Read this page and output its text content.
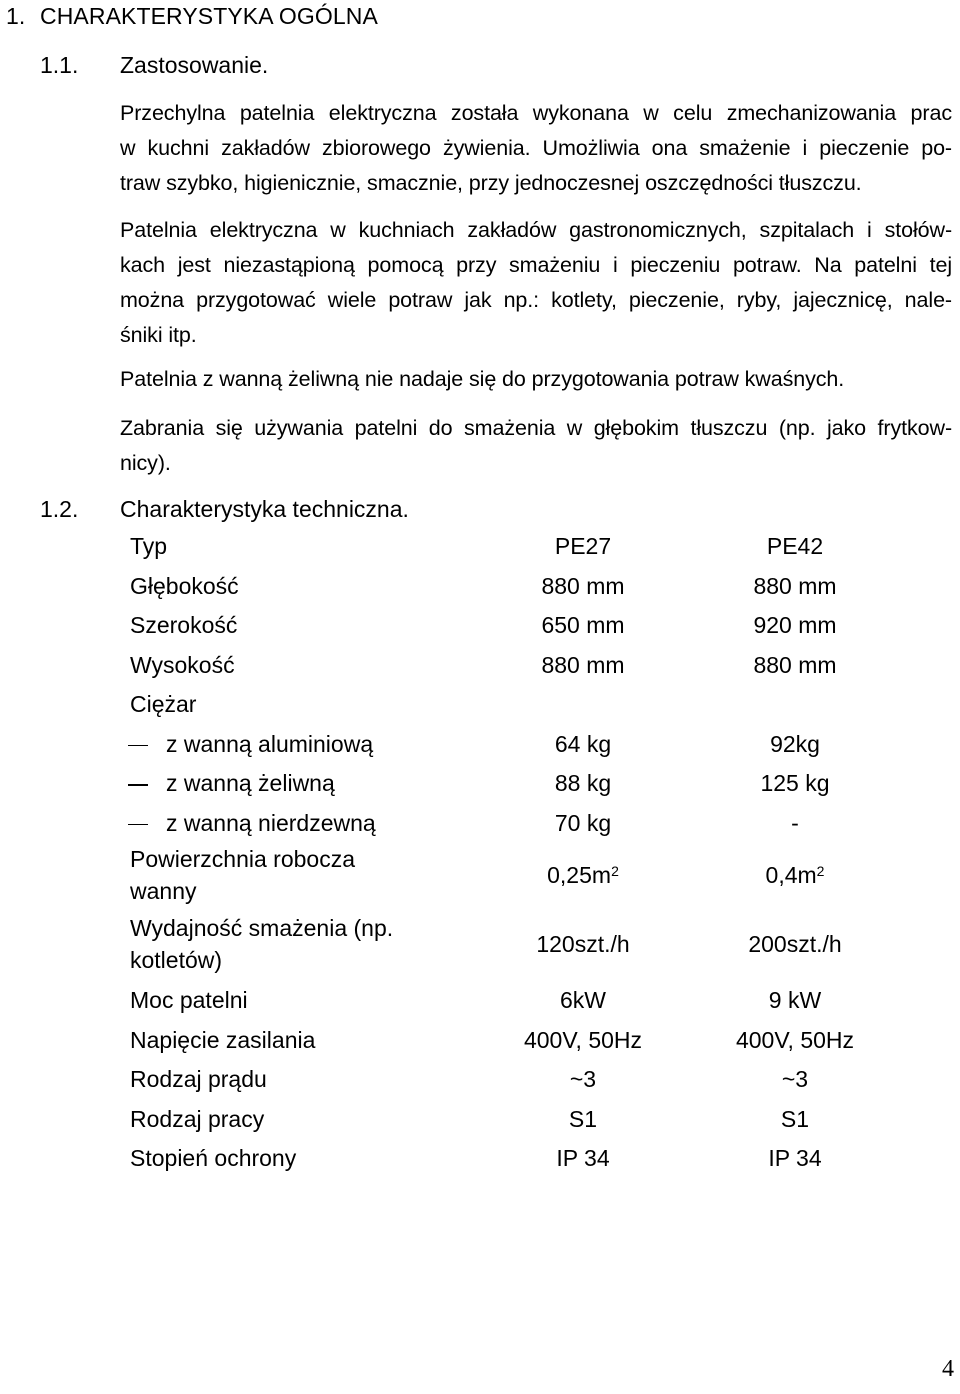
1. CHARAKTERYSTYKA OGÓLNA
1.1. Zastosowanie.
Przechylna patelnia elektryczna została wykonana w celu zmechanizowania prac
w kuchni zakładów zbiorowego żywienia. Umożliwia ona smażenie i pieczenie po-
traw szybko, higienicznie, smacznie, przy jednoczesnej oszczędności tłuszczu.
Patelnia elektryczna w kuchniach zakładów gastronomicznych, szpitalach i stołów-
kach jest niezastąpioną pomocą przy smażeniu i pieczeniu potraw. Na patelni tej
można przygotować wiele potraw jak np.: kotlety, pieczenie, ryby, jajecznicę, nale-
śniki itp.
Patelnia z wanną żeliwną nie nadaje się do przygotowania potraw kwaśnych.
Zabrania się używania patelni do smażenia w głębokim tłuszczu (np. jako frytkow-
nicy).
1.2. Charakterystyka techniczna.
Typ	PE27	PE42
Głębokość	880 mm	880 mm
Szerokość	650 mm	920 mm
Wysokość	880 mm	880 mm
Ciężar		
z wanną aluminiową	64 kg	92kg
z wanną żeliwną	88 kg	125 kg
z wanną nierdzewną	70 kg	-
Powierzchnia robocza wanny	$0,25m^2$	$0,4m^2$
Wydajność smażenia (np. kotletów)	120szt./h	200szt./h
Moc patelni	6kW	9 kW
Napięcie zasilania	400V, 50Hz	400V, 50Hz
Rodzaj prądu	~3	~3
Rodzaj pracy	S1	S1
Stopień ochrony	IP 34	IP 34
4
